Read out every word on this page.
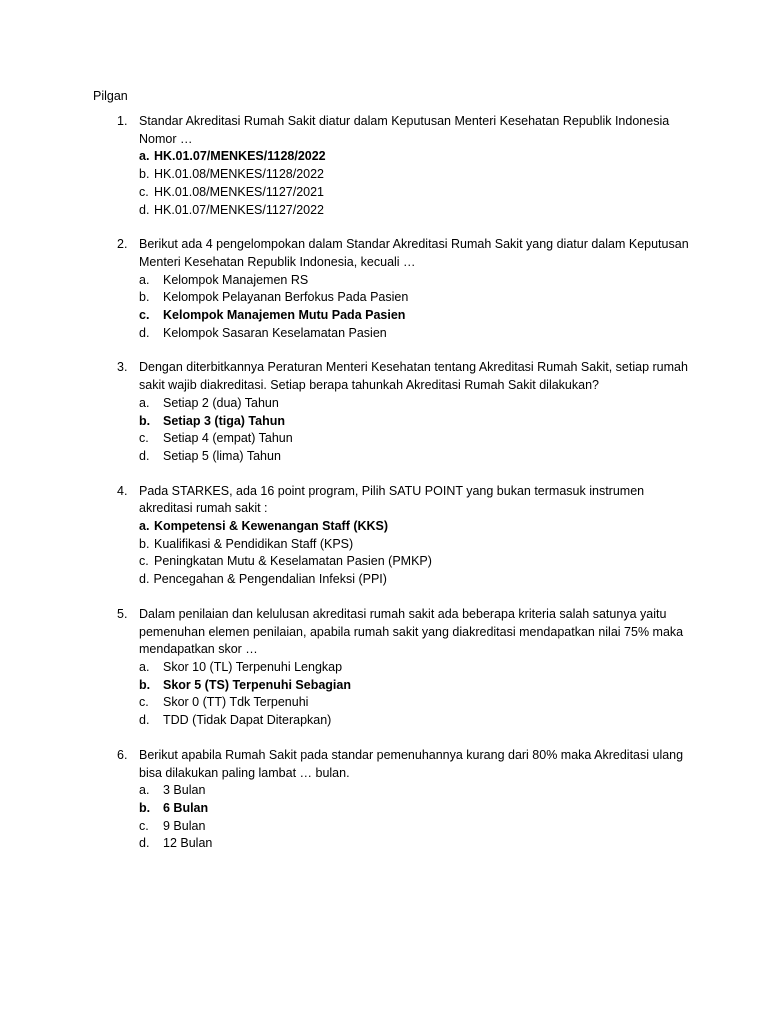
Pilgan
1. Standar Akreditasi Rumah Sakit diatur dalam Keputusan Menteri Kesehatan Republik Indonesia Nomor …
a. HK.01.07/MENKES/1128/2022
b. HK.01.08/MENKES/1128/2022
c. HK.01.08/MENKES/1127/2021
d. HK.01.07/MENKES/1127/2022
2. Berikut ada 4 pengelompokan dalam Standar Akreditasi Rumah Sakit yang diatur dalam Keputusan Menteri Kesehatan Republik Indonesia, kecuali …
a.	Kelompok Manajemen RS
b.	Kelompok Pelayanan Berfokus Pada Pasien
c.	Kelompok Manajemen Mutu Pada Pasien
d.	Kelompok Sasaran Keselamatan Pasien
3. Dengan diterbitkannya Peraturan Menteri Kesehatan tentang Akreditasi Rumah Sakit, setiap rumah sakit wajib diakreditasi. Setiap berapa tahunkah Akreditasi Rumah Sakit dilakukan?
a.	Setiap 2 (dua) Tahun
b.	Setiap 3 (tiga) Tahun
c.	Setiap 4 (empat) Tahun
d.	Setiap 5 (lima) Tahun
4. Pada STARKES, ada 16 point program, Pilih SATU POINT yang bukan termasuk instrumen akreditasi rumah sakit :
a. Kompetensi & Kewenangan Staff (KKS)
b. Kualifikasi & Pendidikan Staff (KPS)
c. Peningkatan Mutu & Keselamatan Pasien (PMKP)
d. Pencegahan & Pengendalian Infeksi (PPI)
5. Dalam penilaian dan kelulusan akreditasi rumah sakit ada beberapa kriteria salah satunya yaitu pemenuhan elemen penilaian, apabila rumah sakit yang diakreditasi mendapatkan nilai 75% maka mendapatkan skor …
a.	Skor 10 (TL) Terpenuhi Lengkap
b.	Skor 5 (TS) Terpenuhi Sebagian
c.	Skor 0 (TT) Tdk Terpenuhi
d.	TDD (Tidak Dapat Diterapkan)
6. Berikut apabila Rumah Sakit pada standar pemenuhannya kurang dari 80% maka Akreditasi ulang bisa dilakukan paling lambat … bulan.
a.	3 Bulan
b.	6 Bulan
c.	9 Bulan
d.	12 Bulan
